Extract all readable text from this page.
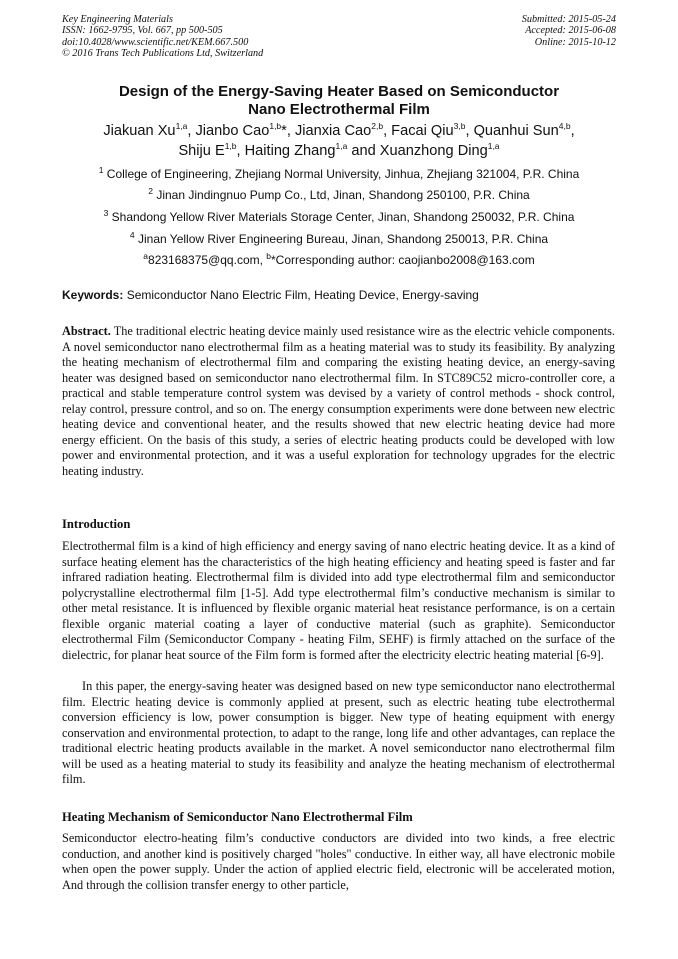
Key Engineering Materials
ISSN: 1662-9795, Vol. 667, pp 500-505
doi:10.4028/www.scientific.net/KEM.667.500
© 2016 Trans Tech Publications Ltd, Switzerland
Submitted: 2015-05-24
Accepted: 2015-06-08
Online: 2015-10-12
Design of the Energy-Saving Heater Based on Semiconductor
Nano Electrothermal Film
Jiakuan Xu$^{1,a}$, Jianbo Cao$^{1,b}$*, Jianxia Cao$^{2,b}$, Facai Qiu$^{3,b}$, Quanhui Sun$^{4,b}$,
Shiju E$^{1,b}$, Haiting Zhang$^{1,a}$ and Xuanzhong Ding$^{1,a}$
$^1$ College of Engineering, Zhejiang Normal University, Jinhua, Zhejiang 321004, P.R. China
$^2$ Jinan Jindingnuo Pump Co., Ltd, Jinan, Shandong 250100, P.R. China
$^3$ Shandong Yellow River Materials Storage Center, Jinan, Shandong 250032, P.R. China
$^4$ Jinan Yellow River Engineering Bureau, Jinan, Shandong 250013, P.R. China
$^a$823168375@qq.com, $^b$*Corresponding author: caojianbo2008@163.com
Keywords: Semiconductor Nano Electric Film, Heating Device, Energy-saving
Abstract. The traditional electric heating device mainly used resistance wire as the electric vehicle components. A novel semiconductor nano electrothermal film as a heating material was to study its feasibility. By analyzing the heating mechanism of electrothermal film and comparing the existing heating device, an energy-saving heater was designed based on semiconductor nano electrothermal film. In STC89C52 micro-controller core, a practical and stable temperature control system was devised by a variety of control methods - shock control, relay control, pressure control, and so on. The energy consumption experiments were done between new electric heating device and conventional heater, and the results showed that new electric heating device had more energy efficient. On the basis of this study, a series of electric heating products could be developed with low power and environmental protection, and it was a useful exploration for technology upgrades for the electric heating industry.
Introduction
Electrothermal film is a kind of high efficiency and energy saving of nano electric heating device. It as a kind of surface heating element has the characteristics of the high heating efficiency and heating speed is faster and far infrared radiation heating. Electrothermal film is divided into add type electrothermal film and semiconductor polycrystalline electrothermal film [1-5]. Add type electrothermal film’s conductive mechanism is similar to other metal resistance. It is influenced by flexible organic material heat resistance performance, is on a certain flexible organic material coating a layer of conductive material (such as graphite). Semiconductor electrothermal Film (Semiconductor Company - heating Film, SEHF) is firmly attached on the surface of the dielectric, for planar heat source of the Film form is formed after the electricity electric heating material [6-9].
In this paper, the energy-saving heater was designed based on new type semiconductor nano electrothermal film. Electric heating device is commonly applied at present, such as electric heating tube electrothermal conversion efficiency is low, power consumption is bigger. New type of heating equipment with energy conservation and environmental protection, to adapt to the range, long life and other advantages, can replace the traditional electric heating products available in the market. A novel semiconductor nano electrothermal film will be used as a heating material to study its feasibility and analyze the heating mechanism of electrothermal film.
Heating Mechanism of Semiconductor Nano Electrothermal Film
Semiconductor electro-heating film’s conductive conductors are divided into two kinds, a free electric conduction, and another kind is positively charged "holes" conductive. In either way, all have electronic mobile when open the power supply. Under the action of applied electric field, electronic will be accelerated motion, And through the collision transfer energy to other particle,
